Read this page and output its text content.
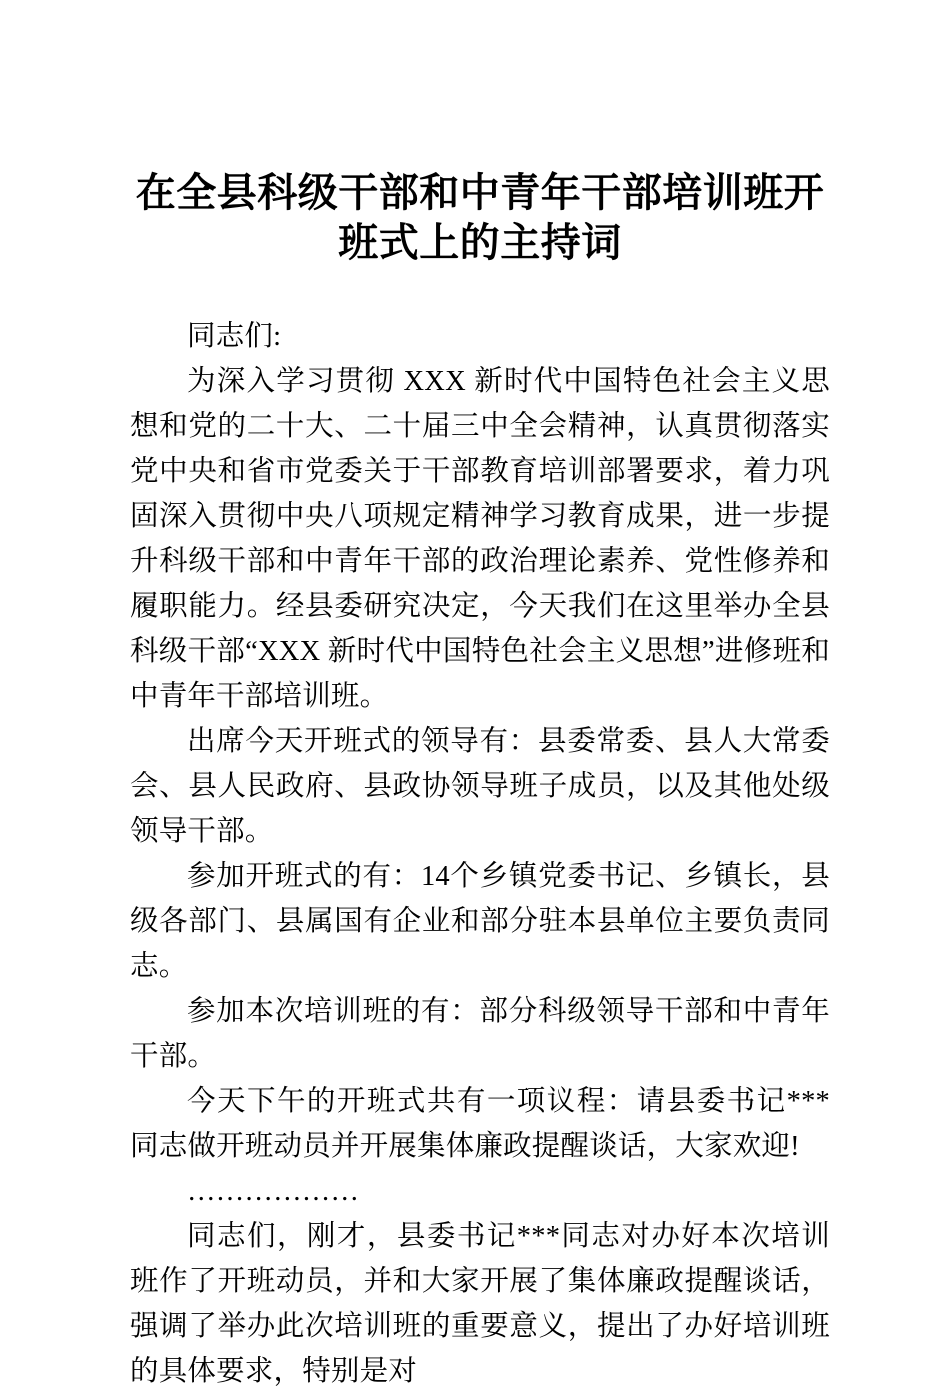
在全县科级干部和中青年干部培训班开班式上的主持词

同志们:

为深入学习贯彻 XXX 新时代中国特色社会主义思想和党的二十大、二十届三中全会精神，认真贯彻落实党中央和省市党委关于干部教育培训部署要求，着力巩固深入贯彻中央八项规定精神学习教育成果，进一步提升科级干部和中青年干部的政治理论素养、党性修养和履职能力。经县委研究决定，今天我们在这里举办全县科级干部“XXX 新时代中国特色社会主义思想”进修班和中青年干部培训班。

出席今天开班式的领导有：县委常委、县人大常委会、县人民政府、县政协领导班子成员，以及其他处级领导干部。

参加开班式的有：14个乡镇党委书记、乡镇长，县级各部门、县属国有企业和部分驻本县单位主要负责同志。

参加本次培训班的有：部分科级领导干部和中青年干部。

今天下午的开班式共有一项议程：请县委书记***同志做开班动员并开展集体廉政提醒谈话，大家欢迎!

………………

同志们，刚才，县委书记***同志对办好本次培训班作了开班动员，并和大家开展了集体廉政提醒谈话，强调了举办此次培训班的重要意义，提出了办好培训班的具体要求，特别是对
